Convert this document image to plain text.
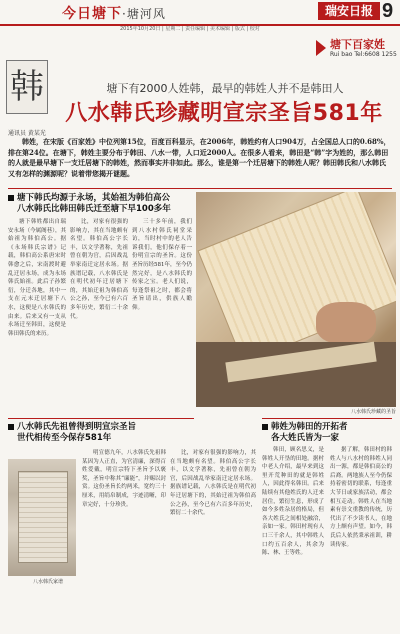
今日塘下·塘河风	瑞安日报 9
2015年10月20日 | 星期二 | 责任编辑 | 美术编辑 | 版式 | 校对
塘下百家姓
Rui bao Tel:6608 1255
韩	塘下有2000人姓韩，最早的韩姓人并不是韩田人
八水韩氏珍藏明宣宗圣旨581年
通讯员 黄某光
韩姓，在宋版《百家姓》中位列第15位，百度百科显示，在2006年，韩姓约有人口904万，占全国总人口的0.68%，排在第24位。在塘下，韩姓主要分布于韩田、八水一带，人口近2000人。在很多人看来，韩田是“韩”字为姓的，那么韩田的人就是最早塘下一支迁居塘下的韩姓，然而事实并非如此。那么，谁是第一个迁居塘下的韩姓人呢？韩田韩氏和八水韩氏又有怎样的渊源呢？说着带您揭开谜题。
塘下韩氏均源于永场，其始祖为韩伯高公
八水韩氏比韩田韩氏迁至塘下早100多年
八水韩氏珍藏的圣旨

塘下韩姓都出自瑞安永场（今属阁巷），其始祖为韩伯高公。据《永场韩氏宗谱》记载，韩伯高公系唐宋时韩愈之后，宋南渡时避乱迁居永场，成为永场韩氏始祖。此后子孙繁衍，分迁各地，其中一支在元末迁居塘下八水，这便是八水韩氏的由来。后来又有一支从永场迁至韩田，这便是韩田韩氏的来历。

比，对家有很强的影响力，其在当地颇有名望。韩伯高公字长丰，以文学著称，先祖曾在朝为官，后因战乱举家南迁定居永场。据族谱记载，八水韩氏是在明代初年迁居塘下的，其始迁祖为韩伯高公之孙，至今已有六百多年历史，繁衍二十余代。

三十多年前，我们到八水村韩氏祠堂采访，当时村中的老人告诉我们，他们保存着一份明宣宗的圣旨。这份圣旨历经581年，至今仍然完好，是八水韩氏的传家之宝。老人们说，每逢祭祖之时，都会将圣旨请出，供族人瞻仰。

韩姓为韩田的开拓者
各大姓氏皆为一家

韩田，顾名思义，是韩姓人开垦的田地。据村中老人介绍，最早来到这里开荒种田的就是韩姓人，因此得名韩田。后来陆续有其他姓氏的人迁来居住，繁衍生息，形成了如今多姓杂居的格局，但各大姓氏之间相处融洽，亲如一家。韩田村现有人口三千余人，其中韩姓人口约五百余人，其余为陈、林、王等姓。

据了解，韩田村的韩姓人与八水村的韩姓人同出一源，都是韩伯高公的后裔。两地族人至今仍保持着密切的联系，每逢重大节日或家族活动，都会相互走动。韩姓人在当地素有崇文重教的传统，历代出了不少读书人，在地方上颇有声望。如今，韩氏后人依然秉承祖训，耕读传家。

八水韩氏先祖曾得到明宣宗圣旨
世代相传至今保存581年
八水韩氏家谱

明宣德九年，八水韩氏先祖韩某因为人正直，为官清廉，深得百姓爱戴，明宣宗特下圣旨予以褒奖，圣旨中称其“廉能”，并赐以封赏。这份圣旨长约两米，宽约三十厘米，用绢帛制成，字迹清晰，印章完好，十分珍贵。

比，对家有很强的影响力，其在当地颇有名望。韩伯高公字长丰，以文学著称，先祖曾在朝为官，后因战乱举家南迁定居永场。据族谱记载，八水韩氏是在明代初年迁居塘下的，其始迁祖为韩伯高公之孙，至今已有六百多年历史，繁衍二十余代。
